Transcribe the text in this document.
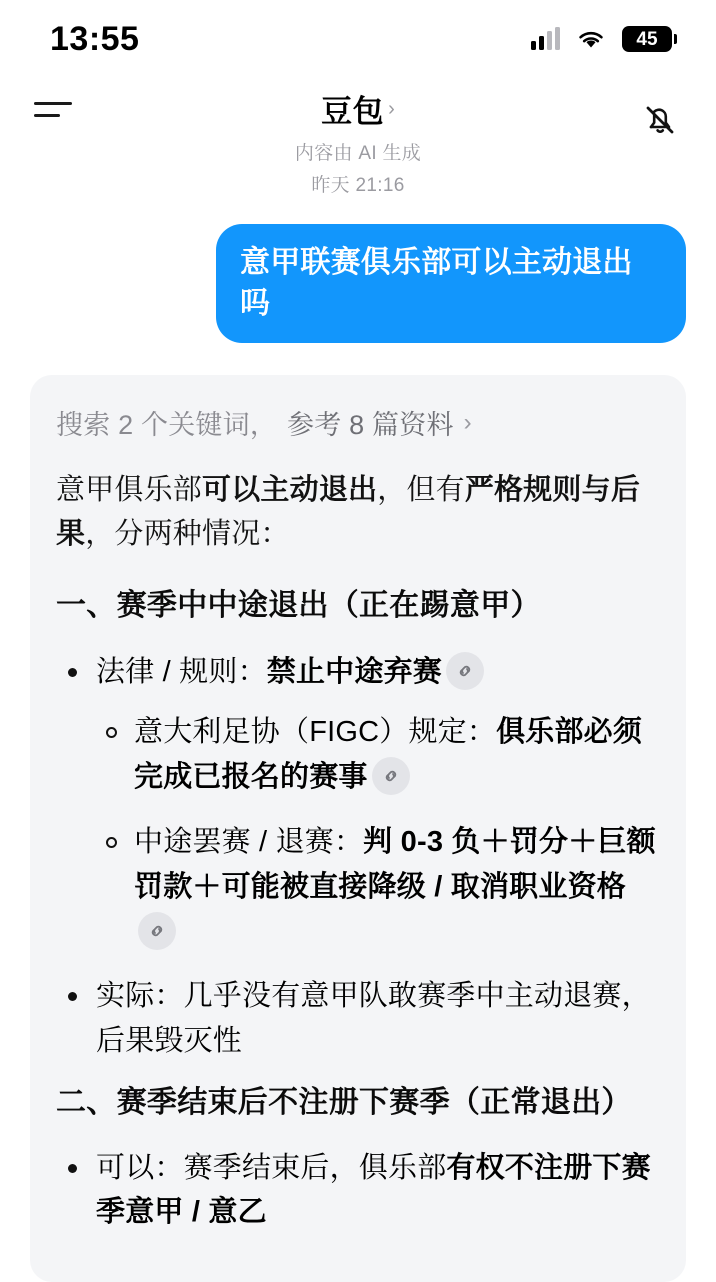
13:55	45
豆包 ›
内容由 AI 生成
昨天 21:16
意甲联赛俱乐部可以主动退出吗
搜索 2 个关键词， 参考 8 篇资料 ›

意甲俱乐部可以主动退出，但有严格规则与后果，分两种情况：

一、赛季中中途退出（正在踢意甲）
法律 / 规则：禁止中途弃赛
意大利足协（FIGC）规定：俱乐部必须完成已报名的赛事
中途罢赛 / 退赛：判 0-3 负＋罚分＋巨额罚款＋可能被直接降级 / 取消职业资格
实际：几乎没有意甲队敢赛季中主动退赛，后果毁灭性
二、赛季结束后不注册下赛季（正常退出）
可以：赛季结束后，俱乐部有权不注册下赛季意甲 / 意乙
